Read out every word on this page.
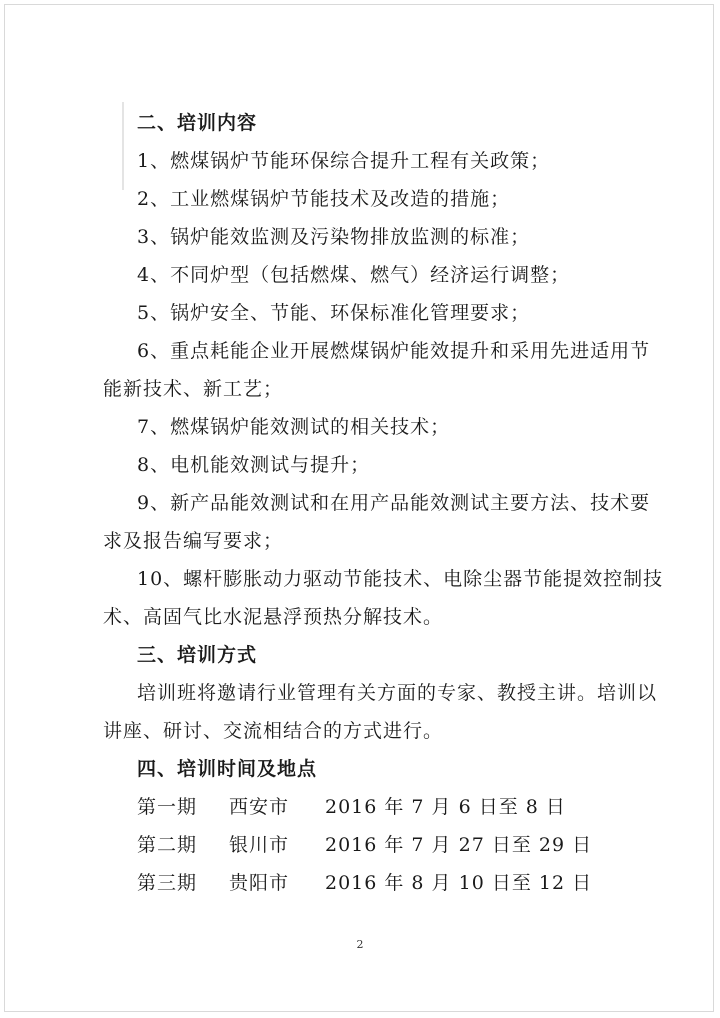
二、培训内容
1、燃煤锅炉节能环保综合提升工程有关政策；
2、工业燃煤锅炉节能技术及改造的措施；
3、锅炉能效监测及污染物排放监测的标准；
4、不同炉型（包括燃煤、燃气）经济运行调整；
5、锅炉安全、节能、环保标准化管理要求；
6、重点耗能企业开展燃煤锅炉能效提升和采用先进适用节
能新技术、新工艺；
7、燃煤锅炉能效测试的相关技术；
8、电机能效测试与提升；
9、新产品能效测试和在用产品能效测试主要方法、技术要
求及报告编写要求；
10、螺杆膨胀动力驱动节能技术、电除尘器节能提效控制技
术、高固气比水泥悬浮预热分解技术。
三、培训方式
培训班将邀请行业管理有关方面的专家、教授主讲。培训以
讲座、研讨、交流相结合的方式进行。
四、培训时间及地点
第一期	西安市	2016 年 7 月 6 日至 8 日
第二期	银川市	2016 年 7 月 27 日至 29 日
第三期	贵阳市	2016 年 8 月 10 日至 12 日
2
